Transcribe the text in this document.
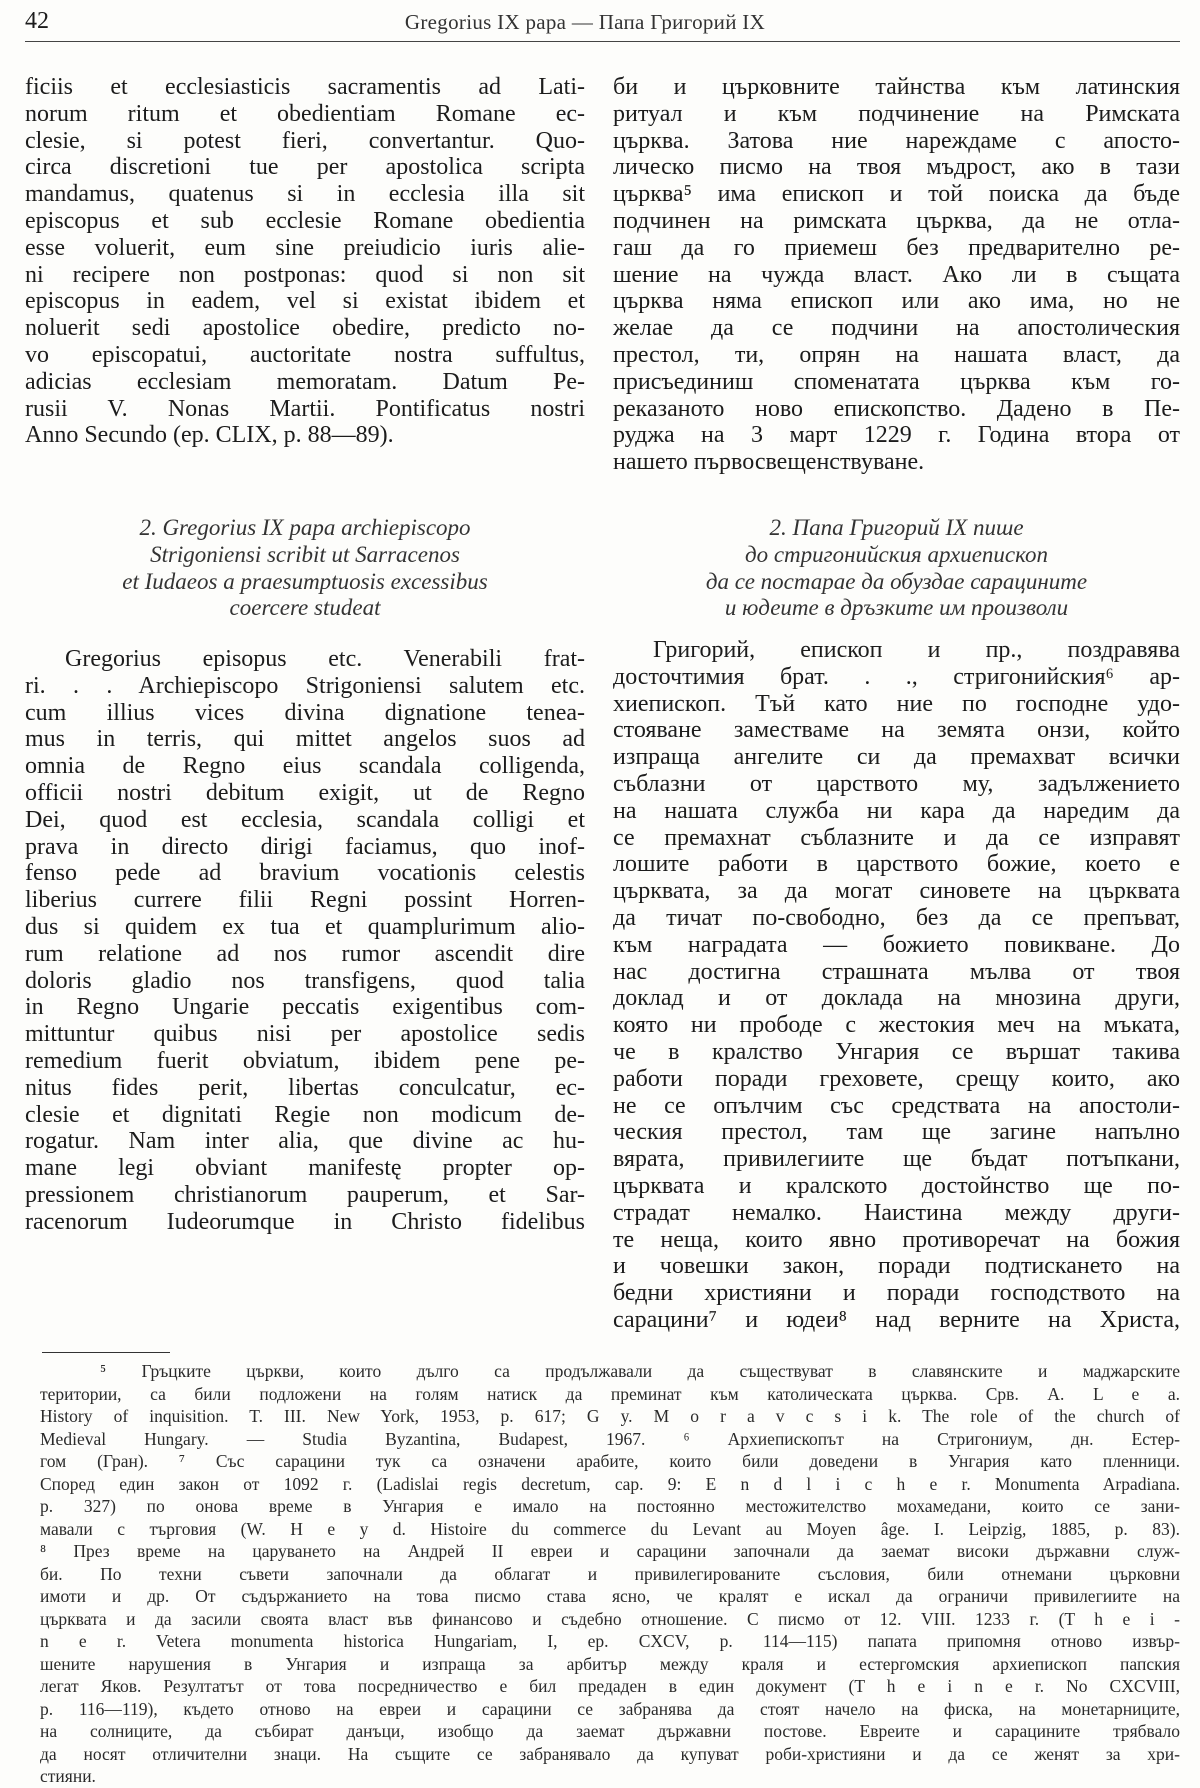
42	Gregorius IX papa — Папа Григорий IX
ficiis et ecclesiasticis sacramentis ad Lati-
norum ritum et obedientiam Romane ec-
clesie, si potest fieri, convertantur. Quo-
circa discretioni tue per apostolica scripta
mandamus, quatenus si in ecclesia illa sit
episcopus et sub ecclesie Romane obedientia
esse voluerit, eum sine preiudicio iuris alie-
ni recipere non postponas: quod si non sit
episcopus in eadem, vel si existat ibidem et
noluerit sedi apostolice obedire, predicto no-
vo episcopatui, auctoritate nostra suffultus,
adicias ecclesiam memoratam. Datum Pe-
rusii V. Nonas Martii. Pontificatus nostri
Anno Secundo (ep. CLIX, p. 88—89).
би и църковните тайнства към латинския
ритуал и към подчинение на Римската
църква. Затова ние нареждаме с апосто-
лическо писмо на твоя мъдрост, ако в тази
църква⁵ има епископ и той поиска да бъде
подчинен на римската църква, да не отла-
гаш да го приемеш без предварително ре-
шение на чужда власт. Ако ли в същата
църква няма епископ или ако има, но не
желае да се подчини на апостолическия
престол, ти, опрян на нашата власт, да
присъединиш споменатата църква към го-
реказаното ново епископство. Дадено в Пе-
руджа на 3 март 1229 г. Година втора от
нашето първосвещенствуване.
2. Gregorius IX papa archiepiscopo
Strigoniensi scribit ut Sarracenos
et Iudaeos a praesumptuosis excessibus
coercere studeat
2. Папа Григорий IX пише
до стригонийския архиепископ
да се постарае да обуздае сарацините
и юдеите в дръзките им произволи
Gregorius episopus etc. Venerabili frat-
ri. . . Archiepiscopo Strigoniensi salutem etc.
cum illius vices divina dignatione tenea-
mus in terris, qui mittet angelos suos ad
omnia de Regno eius scandala colligenda,
officii nostri debitum exigit, ut de Regno
Dei, quod est ecclesia, scandala colligi et
prava in directo dirigi faciamus, quo inof-
fenso pede ad bravium vocationis celestis
liberius currere filii Regni possint Horren-
dus si quidem ex tua et quamplurimum alio-
rum relatione ad nos rumor ascendit dire
doloris gladio nos transfigens, quod talia
in Regno Ungarie peccatis exigentibus com-
mittuntur quibus nisi per apostolice sedis
remedium fuerit obviatum, ibidem pene pe-
nitus fides perit, libertas conculcatur, ec-
clesie et dignitati Regie non modicum de-
rogatur. Nam inter alia, que divine ac hu-
mane legi obviant manifestę propter op-
pressionem christianorum pauperum, et Sar-
racenorum Iudeorumque in Christo fidelibus
Григорий, епископ и пр., поздравява
досточтимия брат. . ., стригонийския⁶ ар-
хиепископ. Тъй като ние по господне удо-
стояване заместваме на земята онзи, който
изпраща ангелите си да премахват всички
съблазни от царството му, задължението
на нашата служба ни кара да наредим да
се премахнат съблазните и да се изправят
лошите работи в царството божие, което е
църквата, за да могат синовете на църквата
да тичат по-свободно, без да се препъват,
към наградата — божието повикване. До
нас достигна страшната мълва от твоя
доклад и от доклада на мнозина други,
която ни прободе с жестокия меч на мъката,
че в кралство Унгария се вършат такива
работи поради греховете, срещу които, ако
не се опълчим със средствата на апостоли-
ческия престол, там ще загине напълно
вярата, привилегиите ще бъдат потъпкани,
църквата и кралското достойнство ще по-
страдат немалко. Наистина между други-
те неща, които явно противоречат на божия
и човешки закон, поради подтискането на
бедни християни и поради господството на
сарацини⁷ и юдеи⁸ над верните на Христа,
⁵ Гръцките църкви, които дълго са продължавали да съществуват в славянските и маджарските
територии, са били подложени на голям натиск да преминат към католическата църква. Срв. A. L e a.
History of inquisition. T. III. New York, 1953, p. 617; G y. M o r a v c s i k. The role of the church of
Medieval Hungary. — Studia Byzantina, Budapest, 1967. ⁶ Архиепископът на Стригониум, дн. Естер-
гом (Гран). ⁷ Със сарацини тук са означени арабите, които били доведени в Унгария като пленници.
Според един закон от 1092 г. (Ladislai regis decretum, cap. 9: E n d l i c h e r. Monumenta Arpadiana.
p. 327) по онова време в Унгария е имало на постоянно местожителство мохамедани, които се зани-
мавали с търговия (W. H e y d. Histoire du commerce du Levant au Moyen âge. I. Leipzig, 1885, p. 83).
⁸ През време на царуването на Андрей II евреи и сарацини започнали да заемат високи държавни служ-
би. По техни съвети започнали да облагат и привилегированите съсловия, били отнемани църковни
имоти и др. От съдържанието на това писмо става ясно, че кралят е искал да ограничи привилегиите на
църквата и да засили своята власт във финансово и съдебно отношение. С писмо от 12. VIII. 1233 г. (T h e i -
n e r. Vetera monumenta historica Hungariam, I, ep. CXCV, p. 114—115) папата припомня отново извър-
шените нарушения в Унгария и изпраща за арбитър между краля и естергомския архиепископ папския
легат Яков. Резултатът от това посредничество е бил предаден в един документ (T h e i n e r. No CXCVIII,
p. 116—119), където отново на евреи и сарацини се забранява да стоят начело на фиска, на монетарниците,
на солниците, да събират данъци, изобщо да заемат държавни постове. Евреите и сарацините трябвало
да носят отличителни знаци. На същите се забранявало да купуват роби-християни и да се женят за хри-
стияни.
